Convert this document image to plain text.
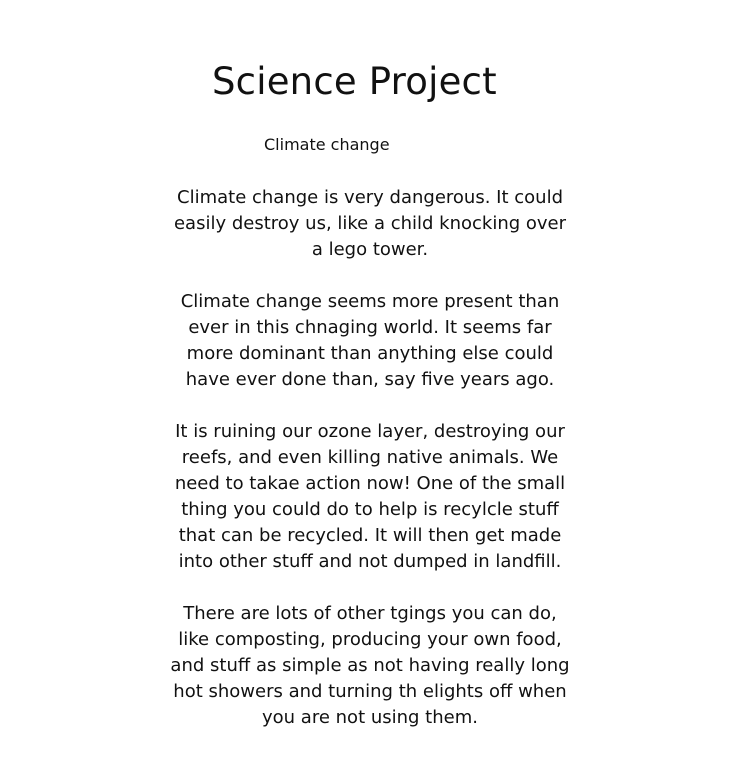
Science Project

Climate change

Climate change is very dangerous. It could
easily destroy us, like a child knocking over
a lego tower.

Climate change seems more present than
ever in this chnaging world. It seems far
more dominant than anything else could
have ever done than, say five years ago.

It is ruining our ozone layer, destroying our
reefs, and even killing native animals. We
need to takae action now! One of the small
thing you could do to help is recylcle stuff
that can be recycled. It will then get made
into other stuff and not dumped in landfill.

There are lots of other tgings you can do,
like composting, producing your own food,
and stuff as simple as not having really long
hot showers and turning th elights off when
you are not using them.
